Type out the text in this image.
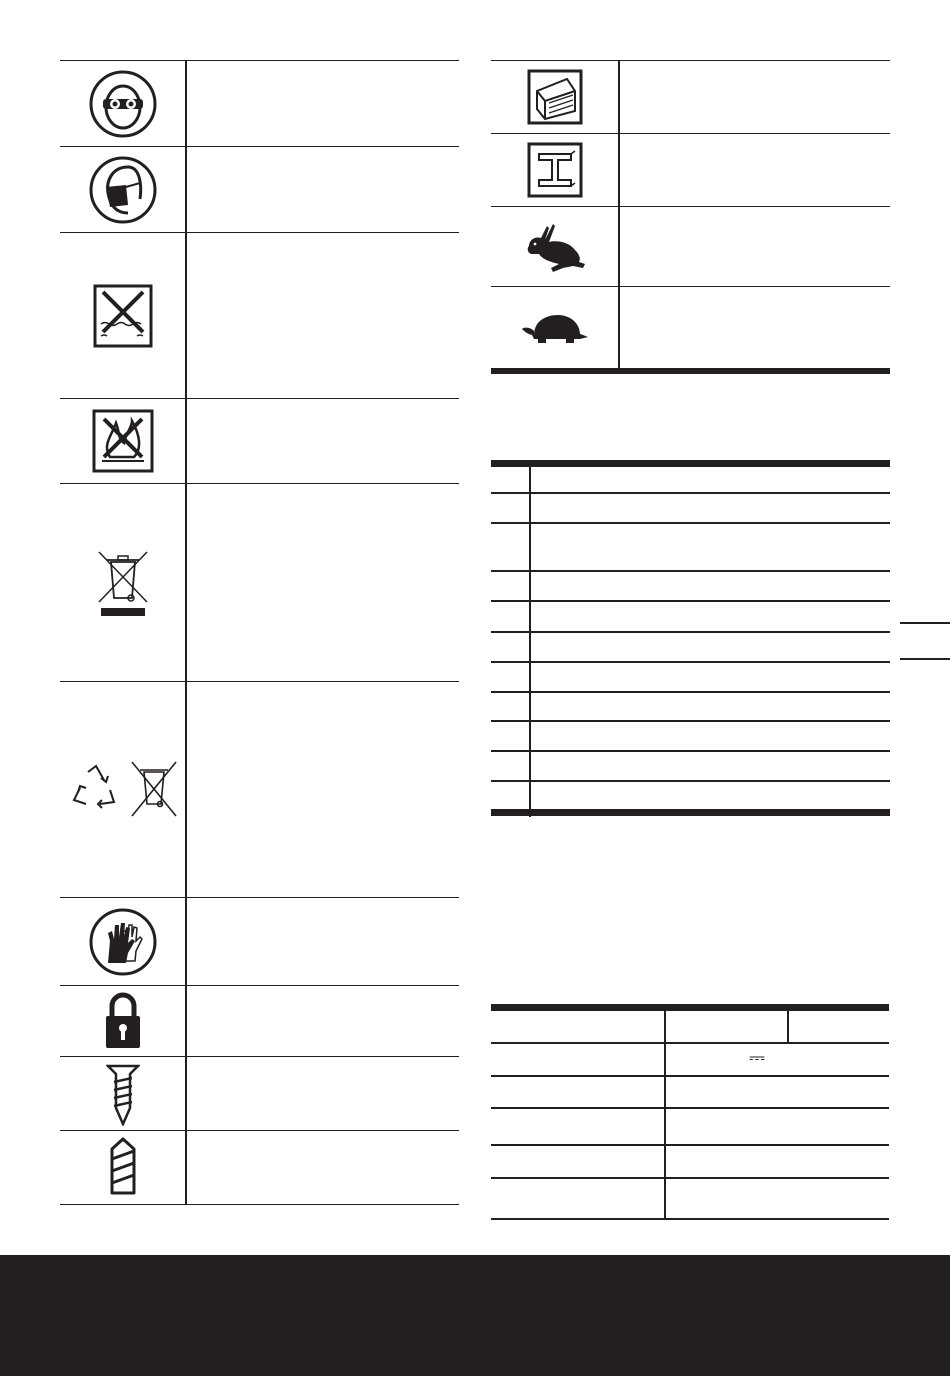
⎓
